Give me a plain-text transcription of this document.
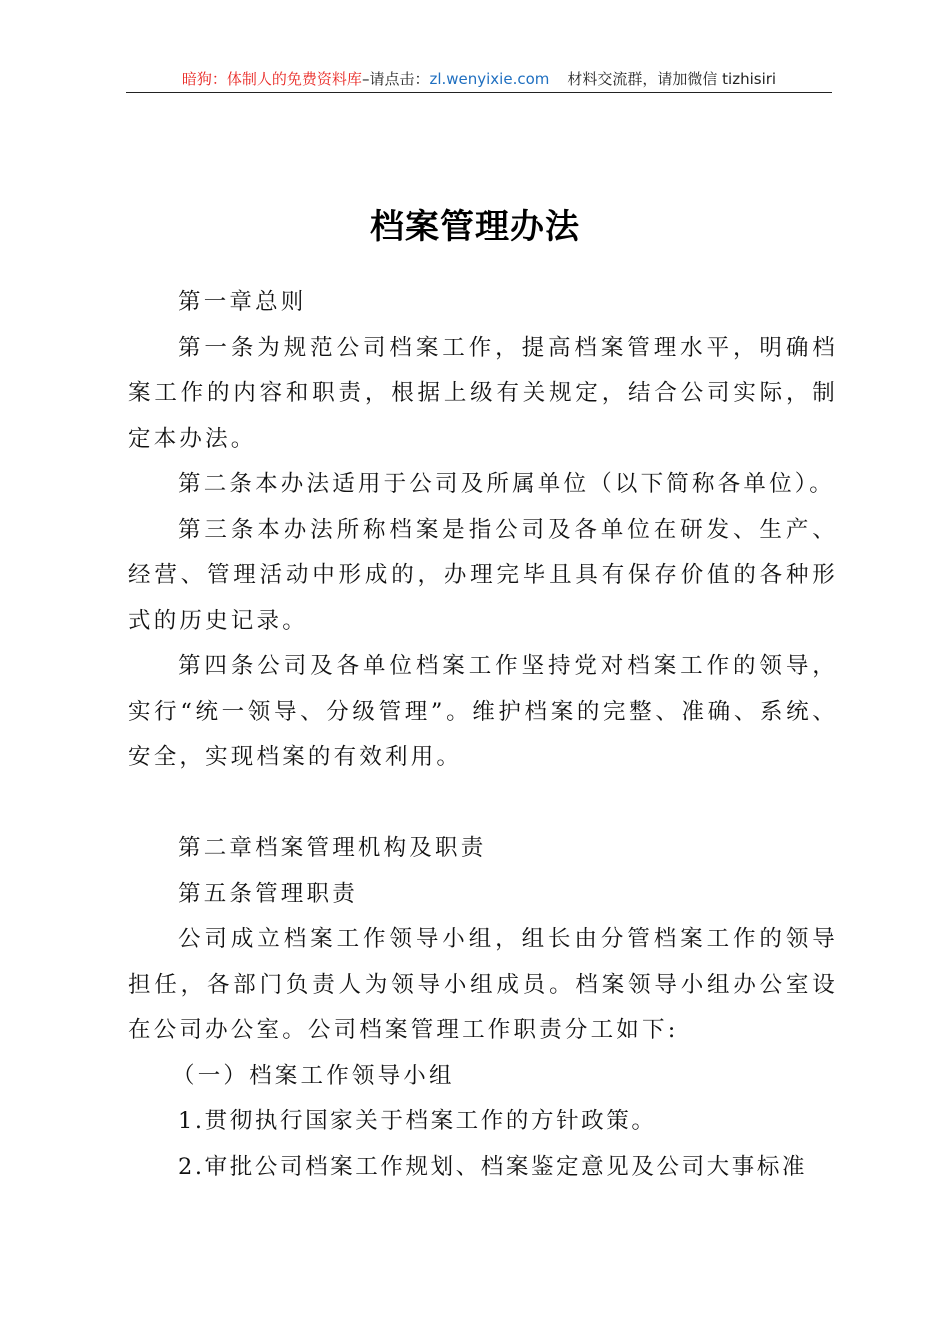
暗狗：体制人的免费资料库–请点击：zl.wenyixie.com 材料交流群，请加微信 tizhisiri
档案管理办法

第一章总则

第一条为规范公司档案工作，提高档案管理水平，明确档案工作的内容和职责，根据上级有关规定，结合公司实际，制定本办法。

第二条本办法适用于公司及所属单位（以下简称各单位）。

第三条本办法所称档案是指公司及各单位在研发、生产、经营、管理活动中形成的，办理完毕且具有保存价值的各种形式的历史记录。

第四条公司及各单位档案工作坚持党对档案工作的领导，实行“统一领导、分级管理”。维护档案的完整、准确、系统、安全，实现档案的有效利用。

第二章档案管理机构及职责

第五条管理职责

公司成立档案工作领导小组，组长由分管档案工作的领导担任，各部门负责人为领导小组成员。档案领导小组办公室设在公司办公室。公司档案管理工作职责分工如下:

（一）档案工作领导小组

1.贯彻执行国家关于档案工作的方针政策。

2.审批公司档案工作规划、档案鉴定意见及公司大事标准
